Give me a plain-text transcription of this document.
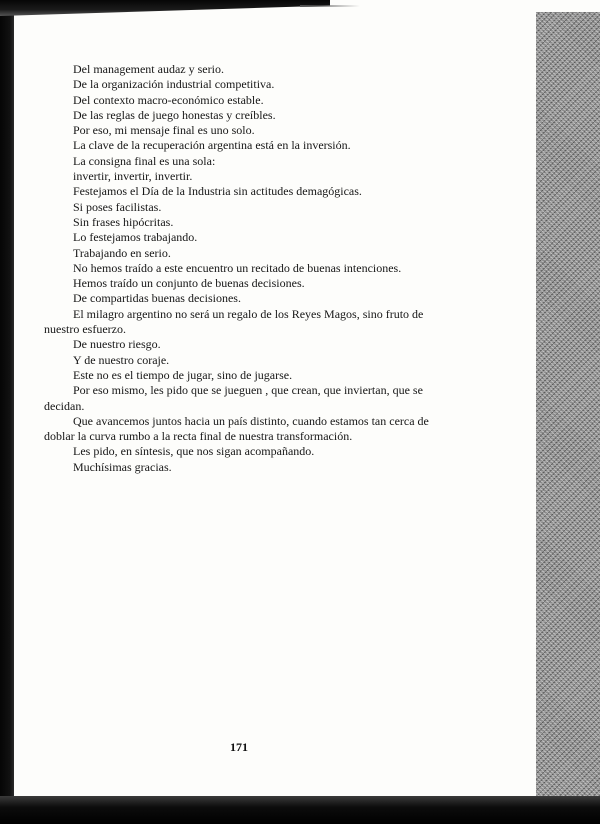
Del management audaz y serio.
De la organización industrial competitiva.
Del contexto macro-económico estable.
De las reglas de juego honestas y creíbles.
Por eso, mi mensaje final es uno solo.
La clave de la recuperación argentina está en la inversión.
La consigna final es una sola:
invertir, invertir, invertir.
Festejamos el Día de la Industria sin actitudes demagógicas.
Si poses facilistas.
Sin frases hipócritas.
Lo festejamos trabajando.
Trabajando en serio.
No hemos traído a este encuentro un recitado de buenas intenciones.
Hemos traído un conjunto de buenas decisiones.
De compartidas buenas decisiones.
El milagro argentino no será un regalo de los Reyes Magos, sino fruto de
nuestro esfuerzo.
De nuestro riesgo.
Y de nuestro coraje.
Este no es el tiempo de jugar, sino de jugarse.
Por eso mismo, les pido que se jueguen , que crean, que inviertan, que se
decidan.
Que avancemos juntos hacia un país distinto, cuando estamos tan cerca de
doblar la curva rumbo a la recta final de nuestra transformación.
Les pido, en síntesis, que nos sigan acompañando.
Muchísimas gracias.
171
